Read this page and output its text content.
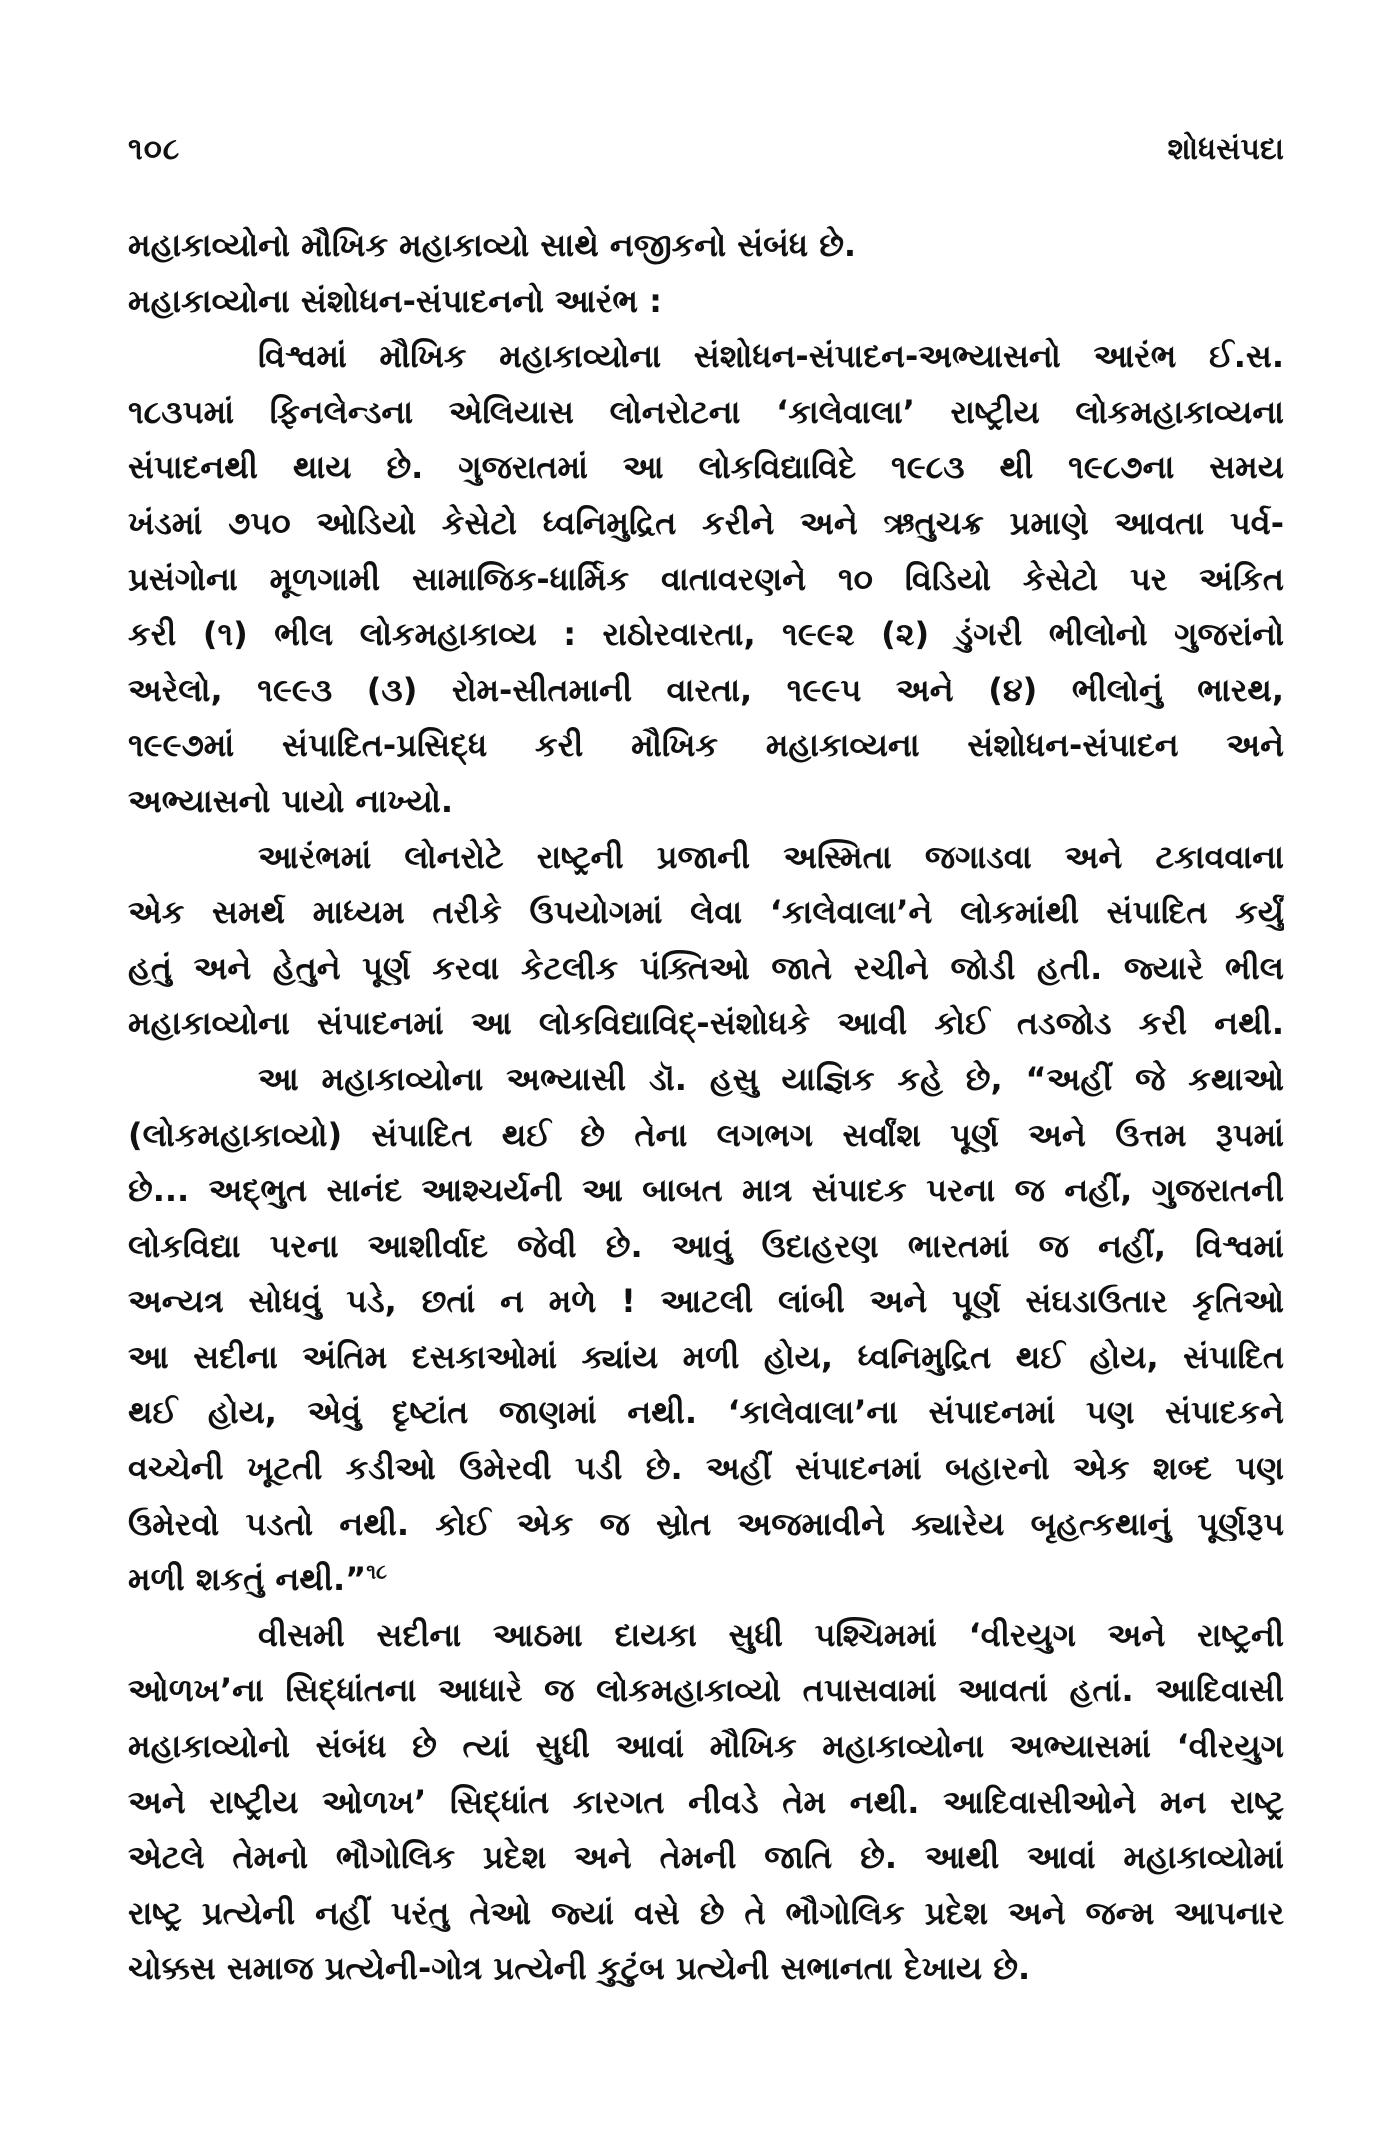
૧૦૮	શોધસંપદા
મહાકાવ્યોનો મૌખિક મહાકાવ્યો સાથે નજીકનો સંબંધ છે.
મહાકાવ્યોના સંશોધન-સંપાદનનો આરંભ :
વિશ્વમાં મૌખિક મહાકાવ્યોના સંશોધન-સંપાદન-અભ્યાસનો આરંભ ઈ.સ.
૧૮૩૫માં ફિનલેન્ડના એલિયાસ લોનરોટના ‘કાલેવાલા’ રાષ્ટ્રીય લોકમહાકાવ્યના
સંપાદનથી થાય છે. ગુજરાતમાં આ લોકવિદ્યાવિદે ૧૯૮૩ થી ૧૯૮૭ના સમય
ખંડમાં ૭૫૦ ઓડિયો કેસેટો ધ્વનિમુદ્રિત કરીને અને ઋતુચક્ર પ્રમાણે આવતા પર્વ-
પ્રસંગોના મૂળગામી સામાજિક-ધાર્મિક વાતાવરણને ૧૦ વિડિયો કેસેટો પર અંકિત
કરી (૧) ભીલ લોકમહાકાવ્ય : રાઠોરવારતા, ૧૯૯૨ (૨) ડુંગરી ભીલોનો ગુજરાંનો
અરેલો, ૧૯૯૩ (૩) રોમ-સીતમાની વારતા, ૧૯૯૫ અને (૪) ભીલોનું ભારથ,
૧૯૯૭માં સંપાદિત-પ્રસિદ્ધ કરી મૌખિક મહાકાવ્યના સંશોધન-સંપાદન અને
અભ્યાસનો પાયો નાખ્યો.
આરંભમાં લોનરોટે રાષ્ટ્રની પ્રજાની અસ્મિતા જગાડવા અને ટકાવવાના
એક સમર્થ માધ્યમ તરીકે ઉપયોગમાં લેવા ‘કાલેવાલા’ને લોકમાંથી સંપાદિત કર્યું
હતું અને હેતુને પૂર્ણ કરવા કેટલીક પંક્તિઓ જાતે રચીને જોડી હતી. જ્યારે ભીલ
મહાકાવ્યોના સંપાદનમાં આ લોકવિદ્યાવિદ્-સંશોધકે આવી કોઈ તડજોડ કરી નથી.
આ મહાકાવ્યોના અભ્યાસી ડૉ. હસુ યાજ્ઞિક કહે છે, “અહીં જે કથાઓ
(લોકમહાકાવ્યો) સંપાદિત થઈ છે તેના લગભગ સર્વાંશ પૂર્ણ અને ઉત્તમ રૂપમાં
છે... અદ્ભુત સાનંદ આશ્ચર્યની આ બાબત માત્ર સંપાદક પરના જ નહીં, ગુજરાતની
લોકવિદ્યા પરના આશીર્વાદ જેવી છે. આવું ઉદાહરણ ભારતમાં જ નહીં, વિશ્વમાં
અન્યત્ર સોધવું પડે, છતાં ન મળે ! આટલી લાંબી અને પૂર્ણ સંઘડાઉતાર કૃતિઓ
આ સદીના અંતિમ દસકાઓમાં ક્યાંય મળી હોય, ધ્વનિમુદ્રિત થઈ હોય, સંપાદિત
થઈ હોય, એવું દૃષ્ટાંત જાણમાં નથી. ‘કાલેવાલા’ના સંપાદનમાં પણ સંપાદકને
વચ્ચેની ખૂટતી કડીઓ ઉમેરવી પડી છે. અહીં સંપાદનમાં બહારનો એક શબ્દ પણ
ઉમેરવો પડતો નથી. કોઈ એક જ સ્રોત અજમાવીને ક્યારેય બૃહત્કથાનું પૂર્ણરૂપ
મળી શકતું નથી.”$^{૧૮}$
વીસમી સદીના આઠમા દાયકા સુધી પશ્ચિમમાં ‘વીરયુગ અને રાષ્ટ્રની
ઓળખ’ના સિદ્ધાંતના આધારે જ લોકમહાકાવ્યો તપાસવામાં આવતાં હતાં. આદિવાસી
મહાકાવ્યોનો સંબંધ છે ત્યાં સુધી આવાં મૌખિક મહાકાવ્યોના અભ્યાસમાં ‘વીરયુગ
અને રાષ્ટ્રીય ઓળખ’ સિદ્ધાંત કારગત નીવડે તેમ નથી. આદિવાસીઓને મન રાષ્ટ્ર
એટલે તેમનો ભૌગોલિક પ્રદેશ અને તેમની જાતિ છે. આથી આવાં મહાકાવ્યોમાં
રાષ્ટ્ર પ્રત્યેની નહીં પરંતુ તેઓ જ્યાં વસે છે તે ભૌગોલિક પ્રદેશ અને જન્મ આપનાર
ચોક્કસ સમાજ પ્રત્યેની-ગોત્ર પ્રત્યેની કુટુંબ પ્રત્યેની સભાનતા દેખાય છે.
